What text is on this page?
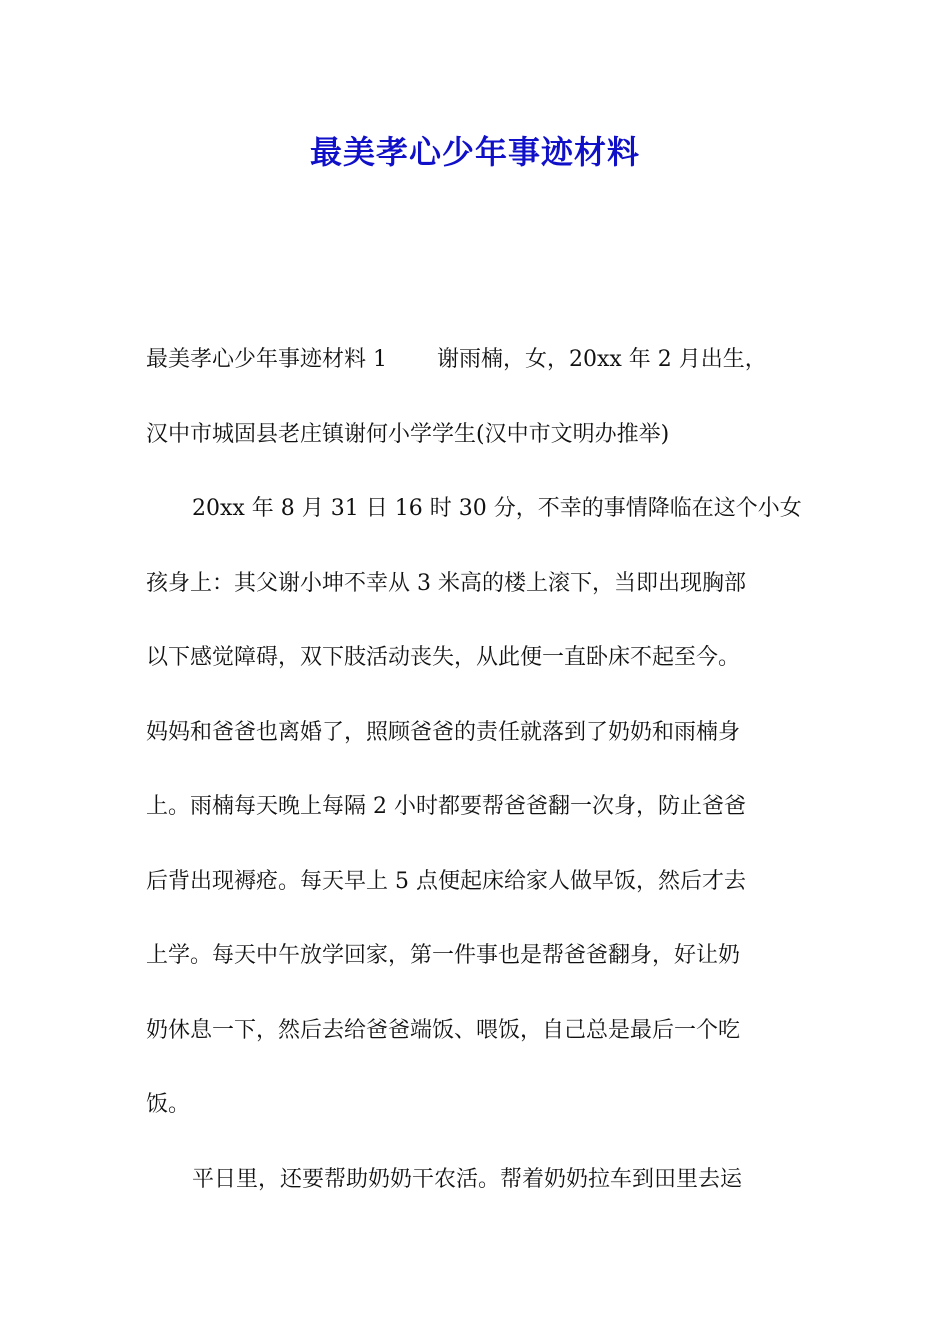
最美孝心少年事迹材料
最美孝心少年事迹材料 1 谢雨楠，女，20xx 年 2 月出生，
汉中市城固县老庄镇谢何小学学生(汉中市文明办推举)
20xx 年 8 月 31 日 16 时 30 分，不幸的事情降临在这个小女
孩身上：其父谢小坤不幸从 3 米高的楼上滚下，当即出现胸部
以下感觉障碍，双下肢活动丧失，从此便一直卧床不起至今。
妈妈和爸爸也离婚了，照顾爸爸的责任就落到了奶奶和雨楠身
上。雨楠每天晚上每隔 2 小时都要帮爸爸翻一次身，防止爸爸
后背出现褥疮。每天早上 5 点便起床给家人做早饭，然后才去
上学。每天中午放学回家，第一件事也是帮爸爸翻身，好让奶
奶休息一下，然后去给爸爸端饭、喂饭，自己总是最后一个吃
饭。
平日里，还要帮助奶奶干农活。帮着奶奶拉车到田里去运
